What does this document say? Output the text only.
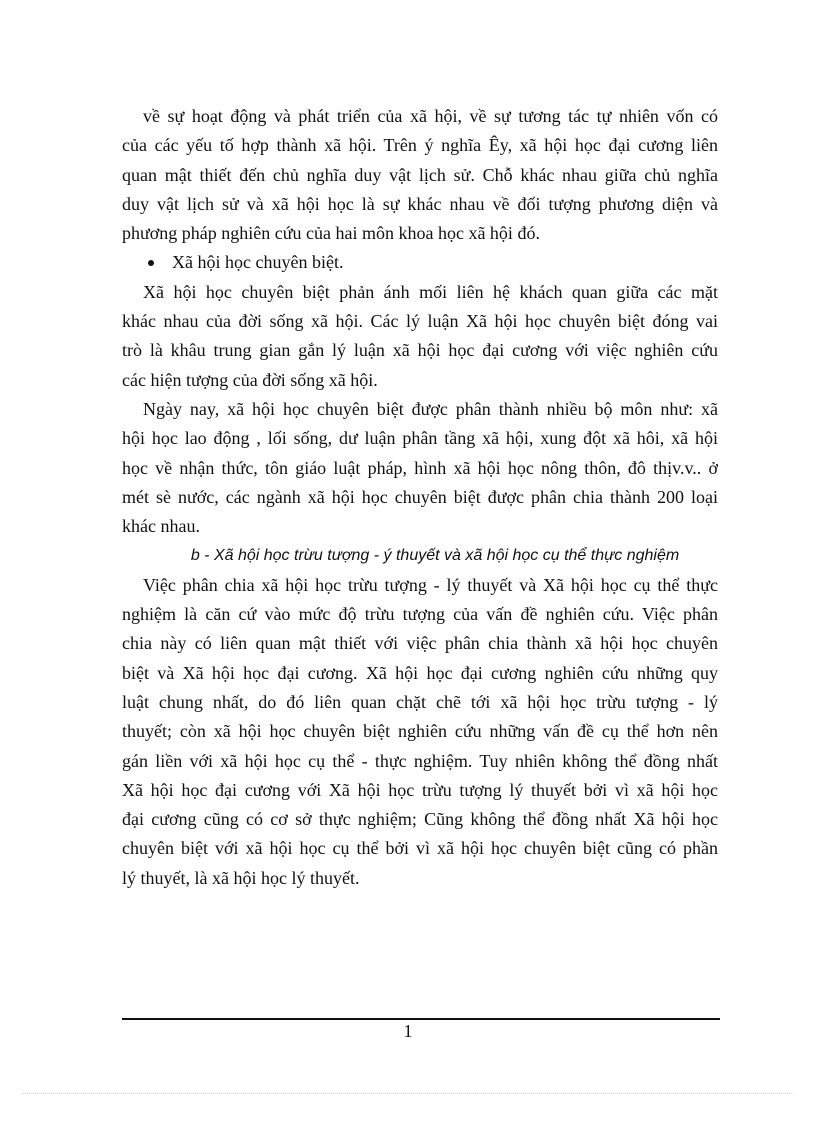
về sự hoạt động và phát triển của xã hội, về sự tương tác tự nhiên vốn có
của các yếu tố hợp thành xã hội. Trên ý nghĩa Êy, xã hội học đại cương liên
quan mật thiết đến chủ nghĩa duy vật lịch sử. Chỗ khác nhau giữa chủ nghĩa
duy vật lịch sử và xã hội học là sự khác nhau về đối tượng phương diện và
phương pháp nghiên cứu của hai môn khoa học xã hội đó.
Xã hội học chuyên biệt.
Xã hội học chuyên biệt phản ánh mối liên hệ khách quan giữa các mặt
khác nhau của đời sống xã hội. Các lý luận Xã hội học chuyên biệt đóng vai
trò là khâu trung gian gắn lý luận xã hội học đại cương với việc nghiên cứu
các hiện tượng của đời sống xã hội.
Ngày nay, xã hội học chuyên biệt được phân thành nhiều bộ môn như: xã
hội học lao động , lối sống, dư luận phân tầng xã hội, xung đột xã hôi, xã hội
học về nhận thức, tôn giáo luật pháp, hình xã hội học nông thôn, đô thịv.v.. ở
mét sè nước, các ngành xã hội học chuyên biệt được phân chia thành 200 loại
khác nhau.
b - Xã hội học trừu tượng - ý thuyết và xã hội học cụ thể thực nghiệm
Việc phân chia xã hội học trừu tượng - lý thuyết và Xã hội học cụ thể thực
nghiệm là căn cứ vào mức độ trừu tượng của vấn đề nghiên cứu. Việc phân
chia này có liên quan mật thiết với việc phân chia thành xã hội học chuyên
biệt và Xã hội học đại cương. Xã hội học đại cương nghiên cứu những quy
luật chung nhất, do đó liên quan chặt chẽ tới xã hội học trừu tượng - lý
thuyết; còn xã hội học chuyên biệt nghiên cứu những vấn đề cụ thể hơn nên
gán liền với xã hội học cụ thể - thực nghiệm. Tuy nhiên không thể đồng nhất
Xã hội học đại cương với Xã hội học trừu tượng lý thuyết bởi vì xã hội học
đại cương cũng có cơ sở thực nghiệm; Cũng không thể đồng nhất Xã hội học
chuyên biệt với xã hội học cụ thể bởi vì xã hội học chuyên biệt cũng có phần
lý thuyết, là xã hội học lý thuyết.
1
